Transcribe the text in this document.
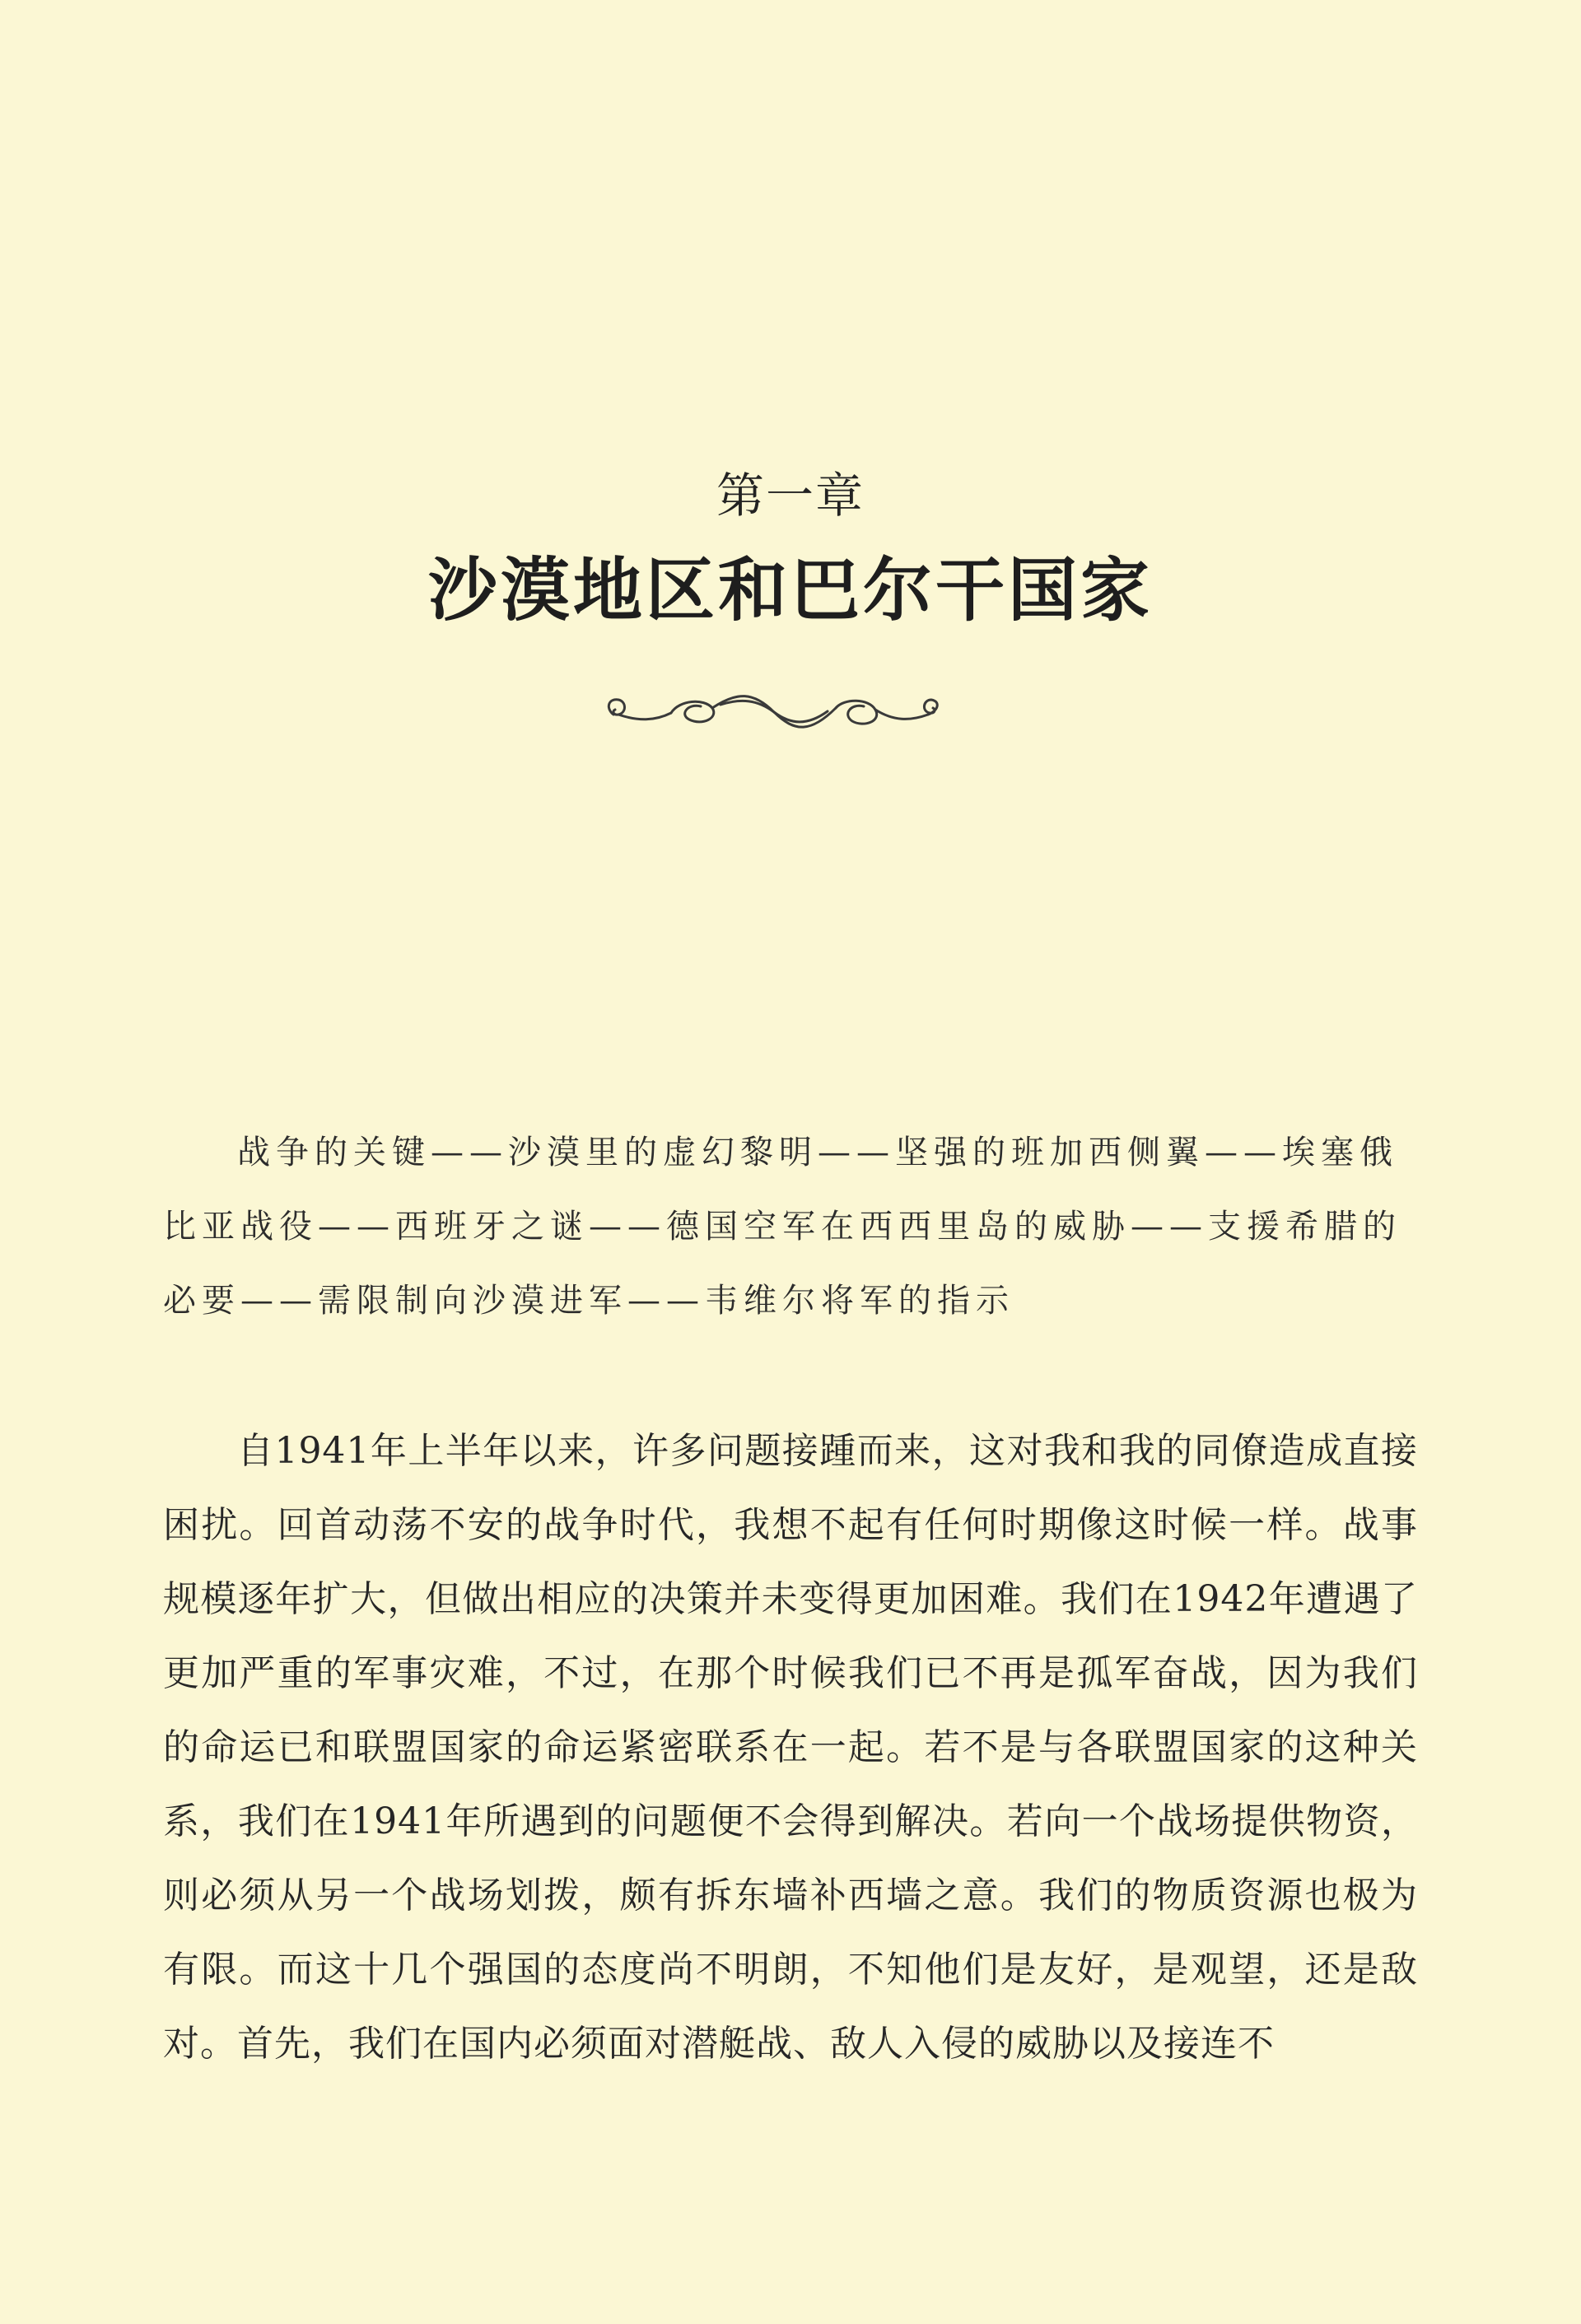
第一章
沙漠地区和巴尔干国家

战争的关键——沙漠里的虚幻黎明——坚强的班加西侧翼——埃塞俄比亚战役——西班牙之谜——德国空军在西西里岛的威胁——支援希腊的必要——需限制向沙漠进军——韦维尔将军的指示

自1941年上半年以来，许多问题接踵而来，这对我和我的同僚造成直接困扰。回首动荡不安的战争时代，我想不起有任何时期像这时候一样。战事规模逐年扩大，但做出相应的决策并未变得更加困难。我们在1942年遭遇了更加严重的军事灾难，不过，在那个时候我们已不再是孤军奋战，因为我们的命运已和联盟国家的命运紧密联系在一起。若不是与各联盟国家的这种关系，我们在1941年所遇到的问题便不会得到解决。若向一个战场提供物资，则必须从另一个战场划拨，颇有拆东墙补西墙之意。我们的物质资源也极为有限。而这十几个强国的态度尚不明朗，不知他们是友好，是观望，还是敌对。首先，我们在国内必须面对潜艇战、敌人入侵的威胁以及接连不
